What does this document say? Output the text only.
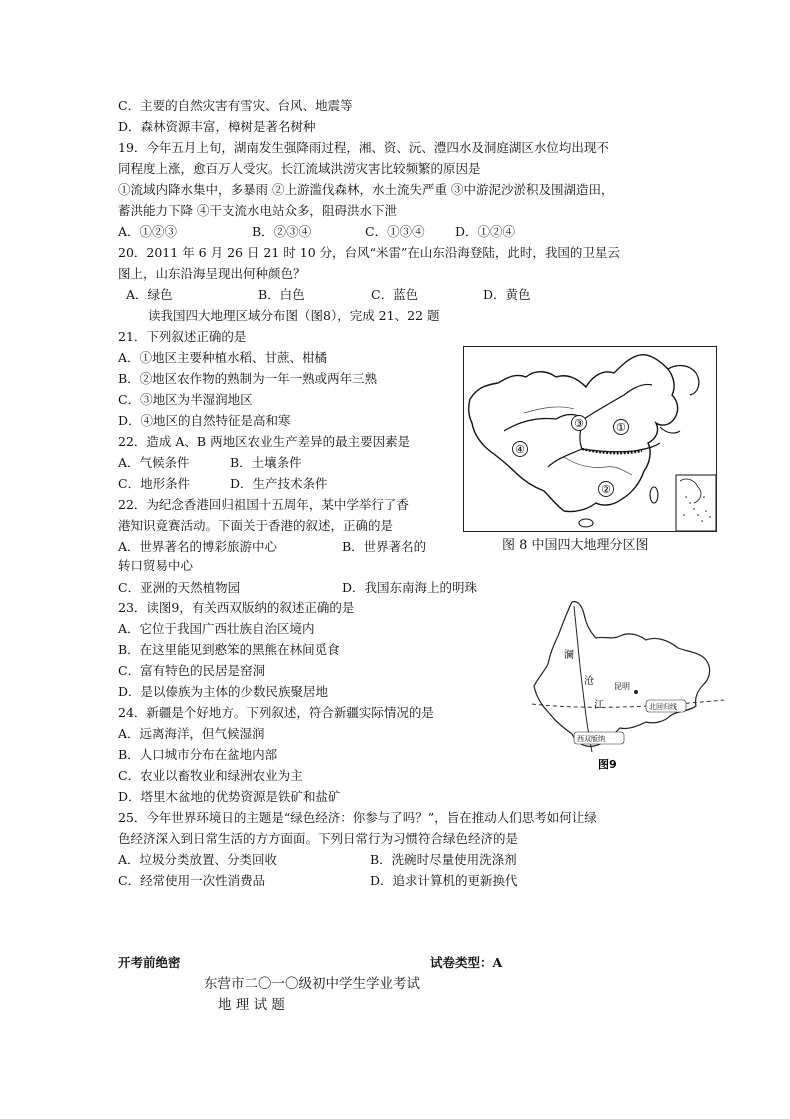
C．主要的自然灾害有雪灾、台风、地震等
D．森林资源丰富，樟树是著名树种
19．今年五月上旬，湖南发生强降雨过程，湘、资、沅、澧四水及洞庭湖区水位均出现不
同程度上涨，愈百万人受灾。长江流域洪涝灾害比较频繁的原因是
①流域内降水集中，多暴雨 ②上游滥伐森林，水土流失严重 ③中游泥沙淤积及围湖造田，
蓄洪能力下降 ④干支流水电站众多，阻碍洪水下泄
A．①②③	B．②③④	C．①③④ D．①②④
20．2011 年 6 月 26 日 21 时 10 分，台风“米雷”在山东沿海登陆，此时，我国的卫星云
图上，山东沿海呈现出何种颜色？
A．绿色	B．白色	C．蓝色	D．黄色
读我国四大地理区域分布图（图8），完成 21、22 题
21．下列叙述正确的是
A．①地区主要种植水稻、甘蔗、柑橘
B．②地区农作物的熟制为一年一熟或两年三熟
C．③地区为半湿润地区
D．④地区的自然特征是高和寒
22．造成 A、B 两地区农业生产差异的最主要因素是
A．气候条件	B．土壤条件
C．地形条件	D．生产技术条件
22．为纪念香港回归祖国十五周年，某中学举行了香
港知识竟赛活动。下面关于香港的叙述，正确的是
A．世界著名的博彩旅游中心	B．世界著名的
转口贸易中心
C．亚洲的天然植物园	D．我国东南海上的明珠
23．读图9，有关西双版纳的叙述正确的是
A．它位于我国广西壮族自治区境内
B．在这里能见到憨笨的黑熊在林间觅食
C．富有特色的民居是窑洞
D．是以傣族为主体的少数民族聚居地
24．新疆是个好地方。下列叙述，符合新疆实际情况的是
A．远离海洋，但气候湿润
B．人口城市分布在盆地内部
C．农业以畜牧业和绿洲农业为主
D．塔里木盆地的优势资源是铁矿和盐矿
25．今年世界环境日的主题是“绿色经济：你参与了吗？”，旨在推动人们思考如何让绿
色经济深入到日常生活的方方面面。下列日常行为习惯符合绿色经济的是
A．垃圾分类放置、分类回收	B．洗碗时尽量使用洗涤剂
C．经常使用一次性消费品	D．追求计算机的更新换代
开考前绝密	试卷类型：A
东营市二〇一〇级初中学生学业考试
地 理 试 题
③	①
④
②
图 8 中国四大地理分区图
澜
沧
江
昆明
北回归线
西双版纳
图9
